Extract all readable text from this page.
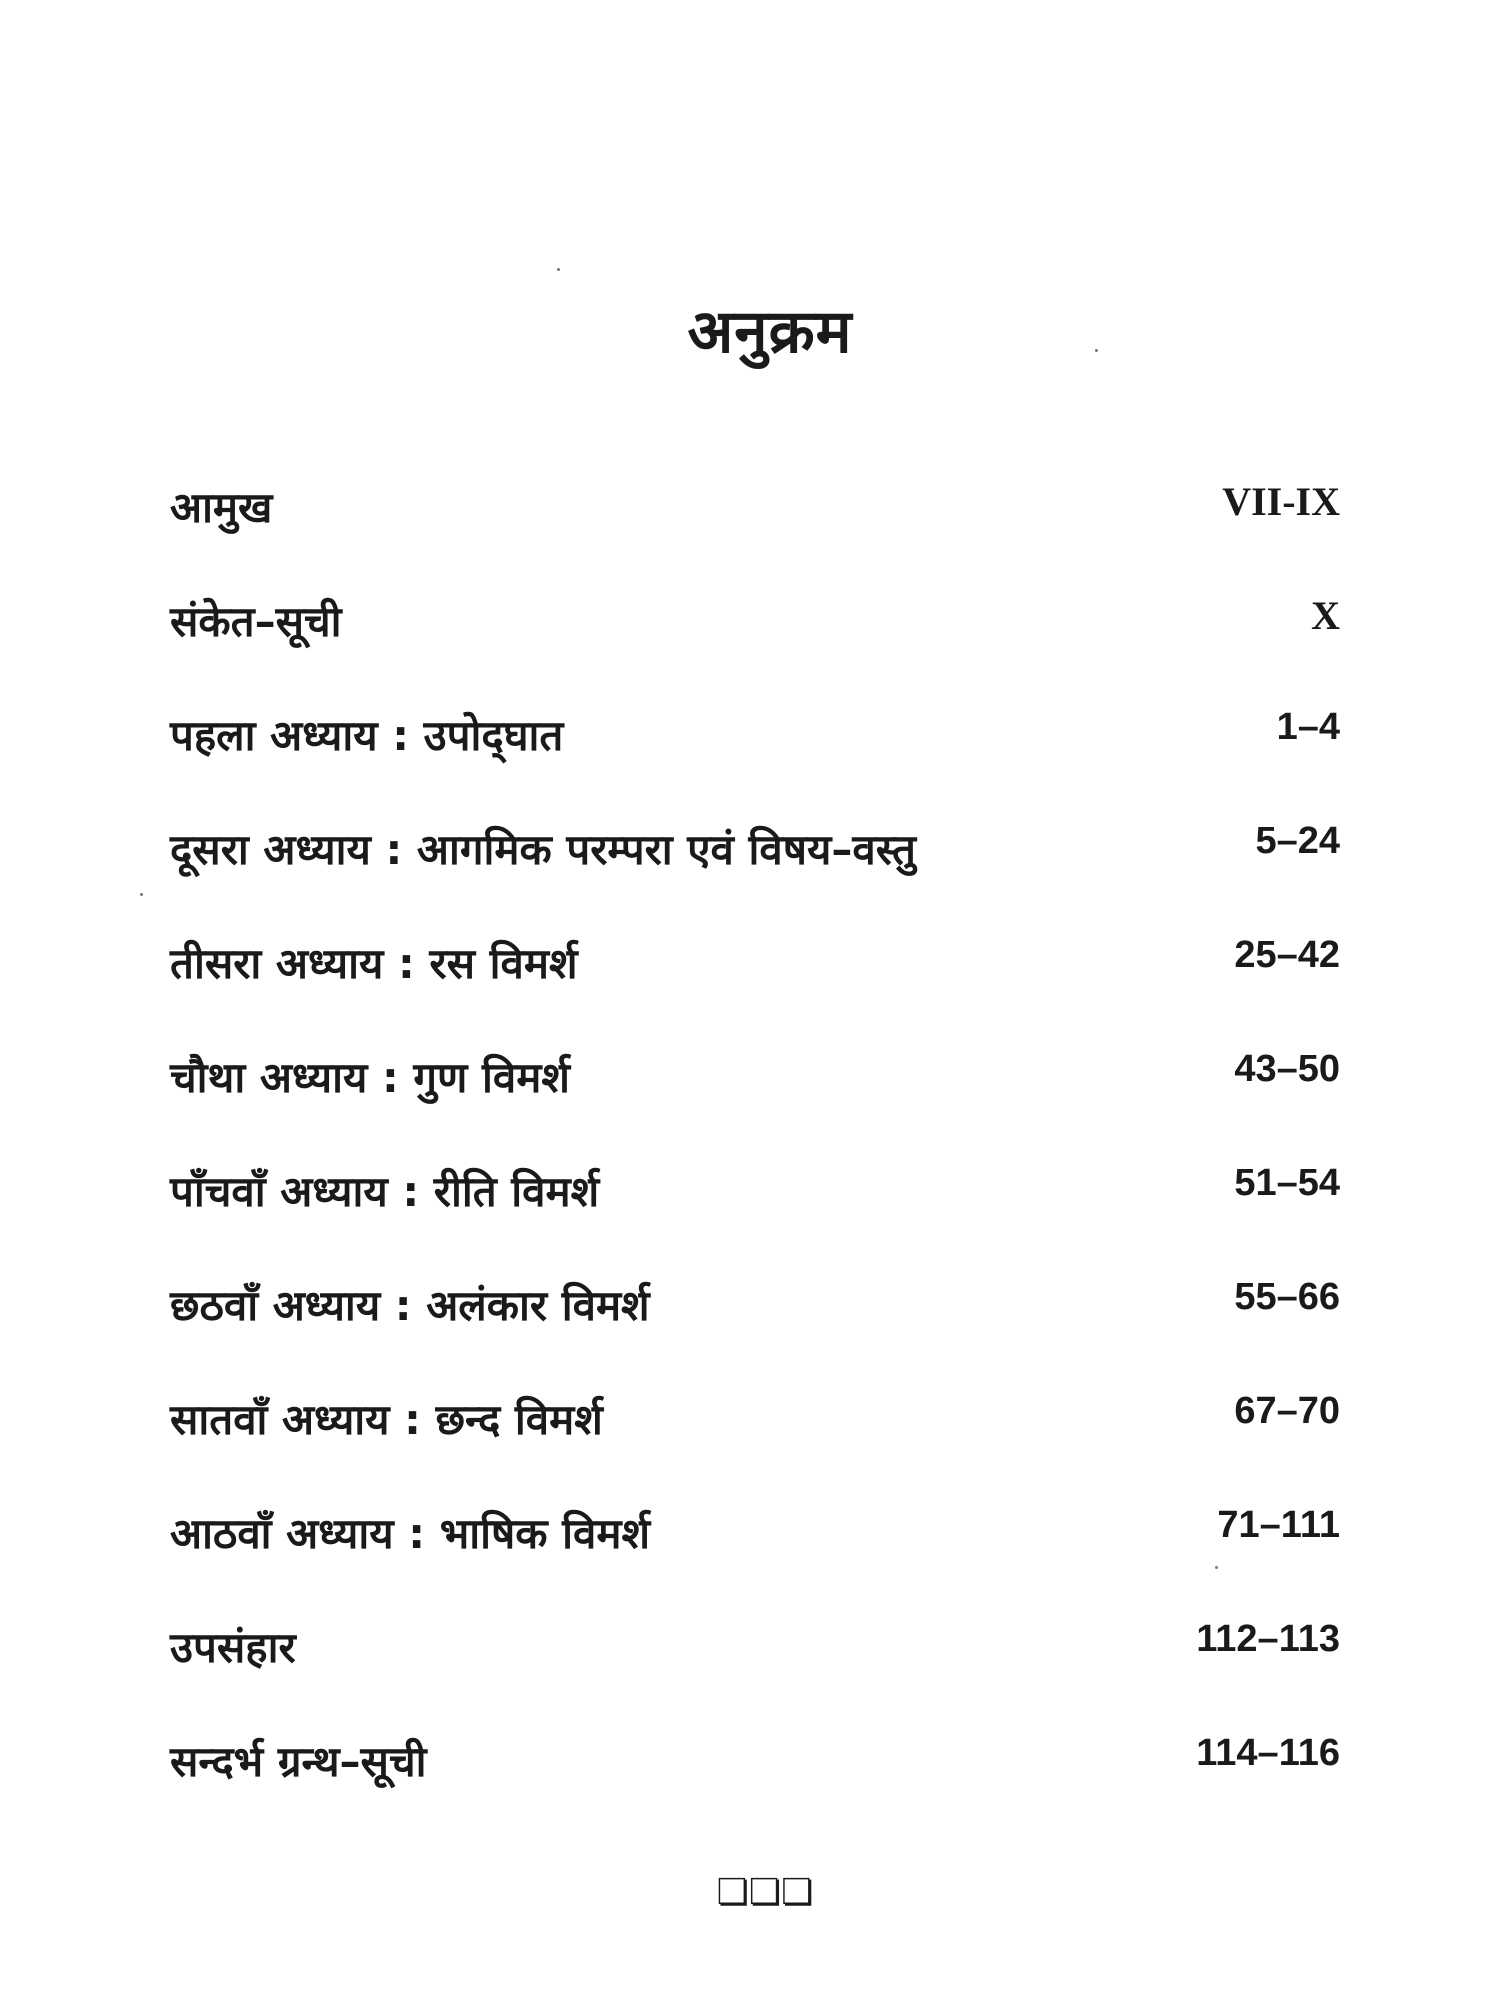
अनुक्रम
आमुख	VII-IX
संकेत–सूची	X
पहला अध्याय : उपोद्‌घात	1–4
दूसरा अध्याय : आगमिक परम्परा एवं विषय–वस्तु	5–24
तीसरा अध्याय : रस विमर्श	25–42
चौथा अध्याय : गुण विमर्श	43–50
पाँचवाँ अध्याय : रीति विमर्श	51–54
छठवाँ अध्याय : अलंकार विमर्श	55–66
सातवाँ अध्याय : छन्द विमर्श	67–70
आठवाँ अध्याय : भाषिक विमर्श	71–111
उपसंहार	112–113
सन्दर्भ ग्रन्थ–सूची	114–116
❏❏❏
